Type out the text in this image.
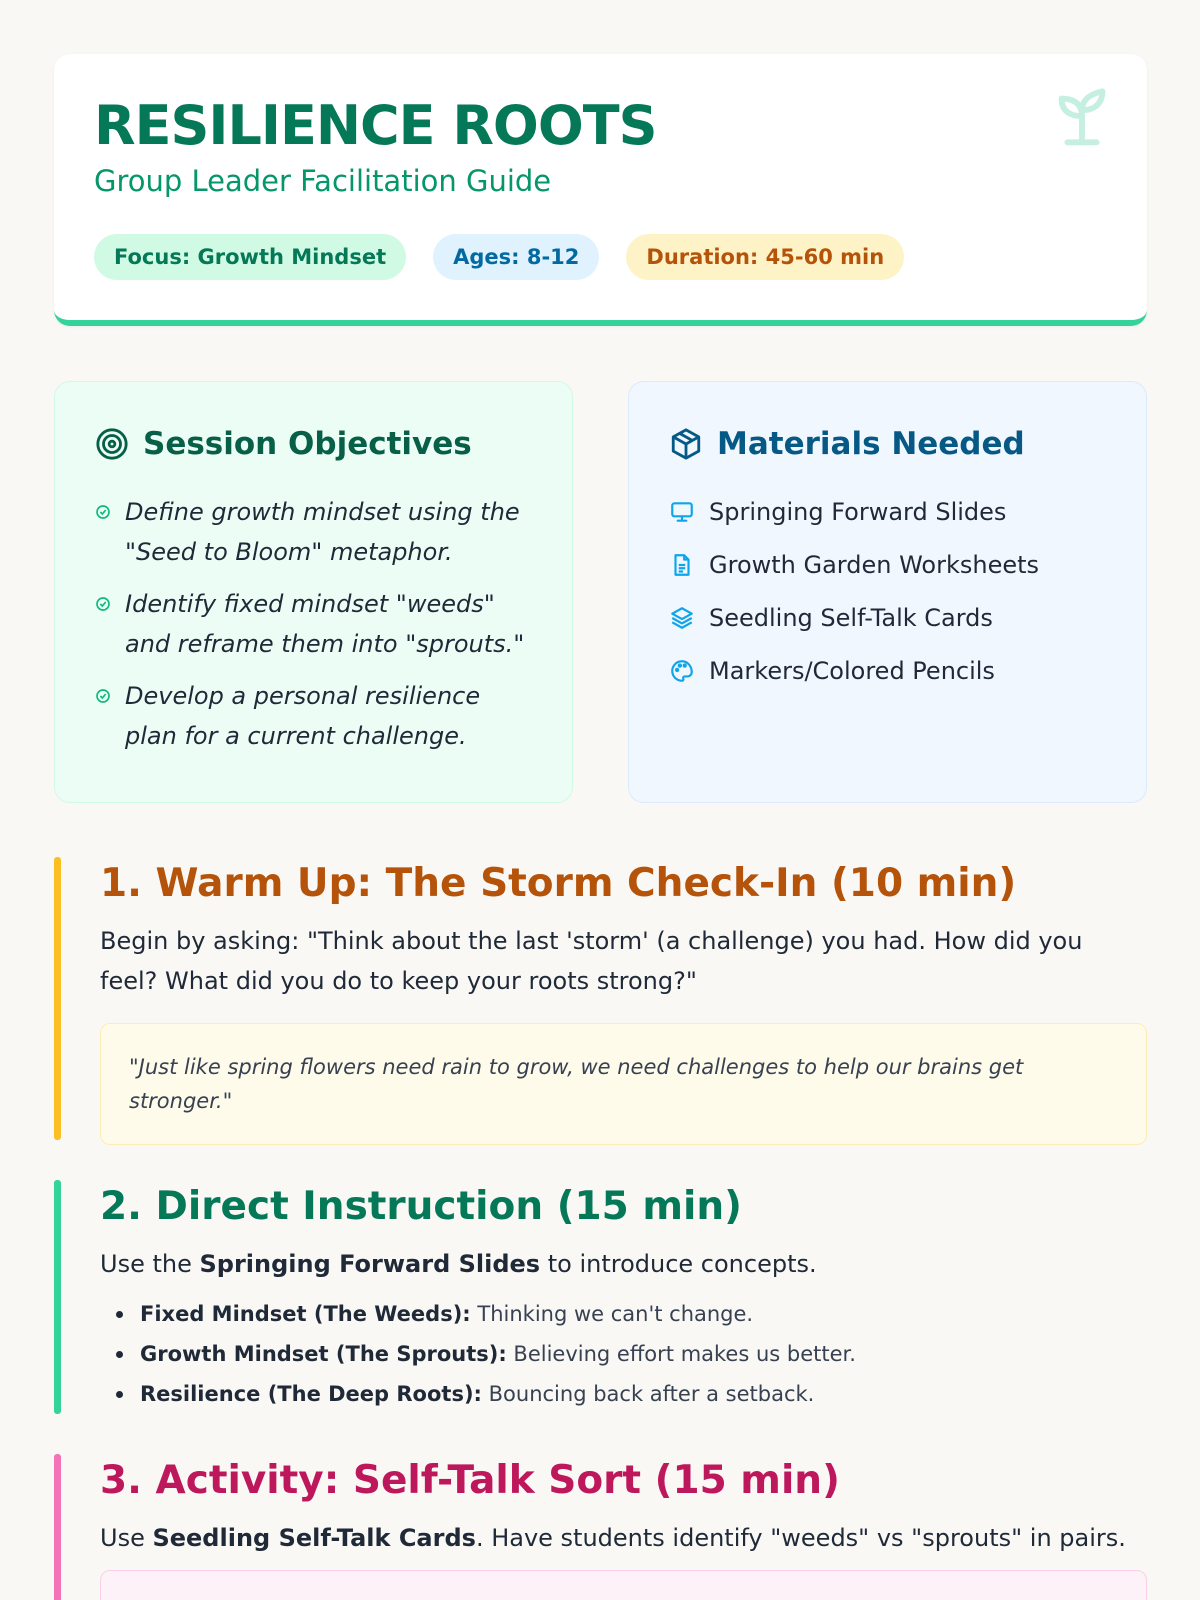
RESILIENCE ROOTS
Group Leader Facilitation Guide
Focus: Growth Mindset	Ages: 8-12	Duration: 45-60 min
Session Objectives
Define growth mindset using the "Seed to Bloom" metaphor.
Identify fixed mindset "weeds" and reframe them into "sprouts."
Develop a personal resilience plan for a current challenge.
Materials Needed
Springing Forward Slides
Growth Garden Worksheets
Seedling Self-Talk Cards
Markers/Colored Pencils
1. Warm Up: The Storm Check-In (10 min)

Begin by asking: "Think about the last 'storm' (a challenge) you had. How did you feel? What did you do to keep your roots strong?"

"Just like spring flowers need rain to grow, we need challenges to help our brains get stronger."
2. Direct Instruction (15 min)

Use the Springing Forward Slides to introduce concepts.

Fixed Mindset (The Weeds): Thinking we can't change.
Growth Mindset (The Sprouts): Believing effort makes us better.
Resilience (The Deep Roots): Bouncing back after a setback.
3. Activity: Self-Talk Sort (15 min)

Use Seedling Self-Talk Cards. Have students identify "weeds" vs "sprouts" in pairs.
